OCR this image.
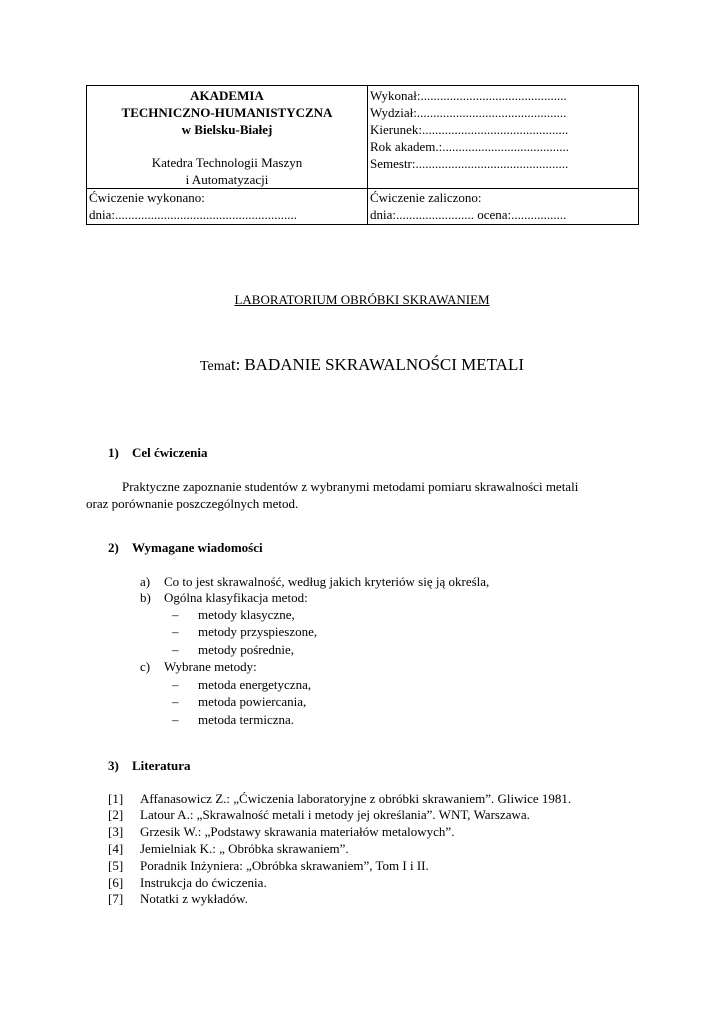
AKADEMIA
TECHNICZNO-HUMANISTYCZNA
w Bielsku-Białej
Katedra Technologii Maszyn
i Automatyzacji
Wykonał:.............................................
Wydział:..............................................
Kierunek:.............................................
Rok akadem.:.......................................
Semestr:...............................................
Ćwiczenie wykonano:
dnia:........................................................
Ćwiczenie zaliczono:
dnia:........................ ocena:.................
LABORATORIUM OBRÓBKI SKRAWANIEM
Temat: BADANIE SKRAWALNOŚCI METALI
1) Cel ćwiczenia
Praktyczne zapoznanie studentów z wybranymi metodami pomiaru skrawalności metali
oraz porównanie poszczególnych metod.
2) Wymagane wiadomości
a) Co to jest skrawalność, według jakich kryteriów się ją określa,
b) Ogólna klasyfikacja metod:
– metody klasyczne,
– metody przyspieszone,
– metody pośrednie,
c) Wybrane metody:
– metoda energetyczna,
– metoda powiercania,
– metoda termiczna.
3) Literatura
[1] Affanasowicz Z.: „Ćwiczenia laboratoryjne z obróbki skrawaniem”. Gliwice 1981.
[2] Latour A.: „Skrawalność metali i metody jej określania”. WNT, Warszawa.
[3] Grzesik W.: „Podstawy skrawania materiałów metalowych”.
[4] Jemielniak K.: „ Obróbka skrawaniem”.
[5] Poradnik Inżyniera: „Obróbka skrawaniem”, Tom I i II.
[6] Instrukcja do ćwiczenia.
[7] Notatki z wykładów.
